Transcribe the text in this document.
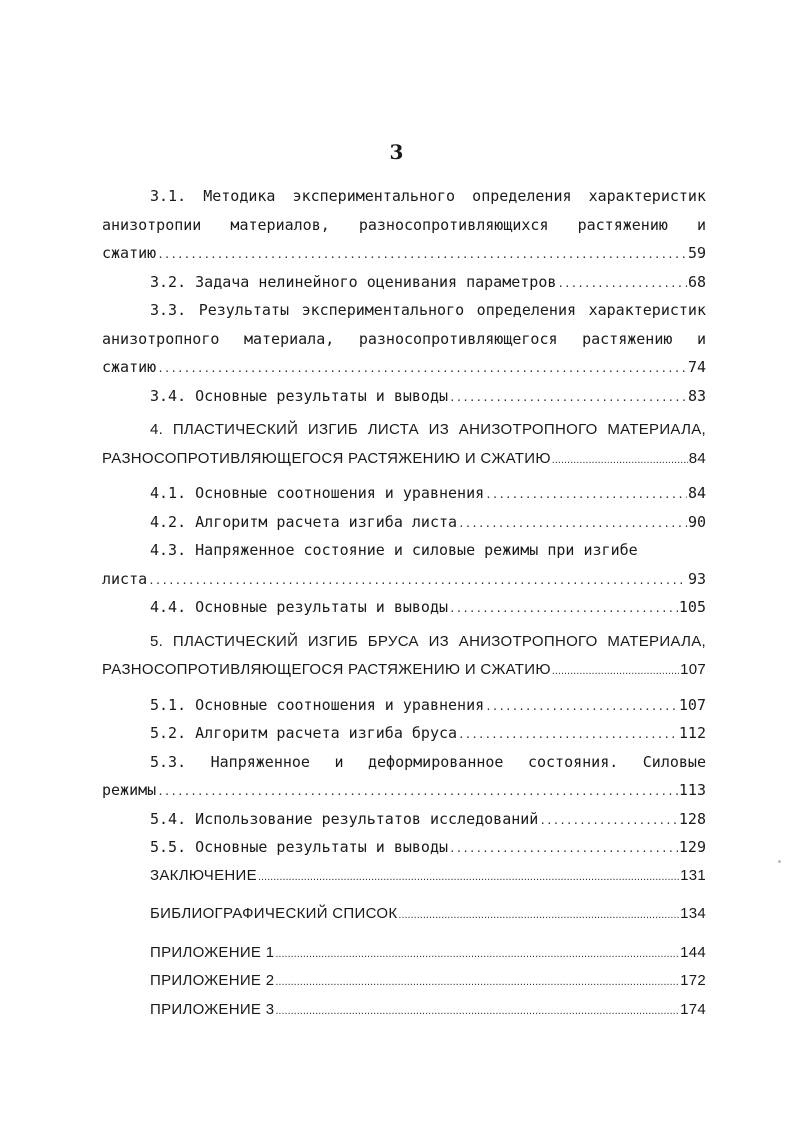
3
3.1. Методика экспериментального определения характеристик
анизотропии материалов, разносопротивляющихся растяжению и
сжатию .....	59
3.2. Задача нелинейного оценивания параметров .....	68
3.3. Результаты экспериментального определения характеристик
анизотропного материала, разносопротивляющегося растяжению и
сжатию .....	74
3.4. Основные результаты и выводы .....	83
4. ПЛАСТИЧЕСКИЙ ИЗГИБ ЛИСТА ИЗ АНИЗОТРОПНОГО МАТЕРИАЛА,
РАЗНОСОПРОТИВЛЯЮЩЕГОСЯ РАСТЯЖЕНИЮ И СЖАТИЮ .....	84
4.1. Основные соотношения и уравнения .....	84
4.2. Алгоритм расчета изгиба листа .....	90
4.3. Напряженное состояние и силовые режимы при изгибе
листа .....	93
4.4. Основные результаты и выводы .....	105
5. ПЛАСТИЧЕСКИЙ ИЗГИБ БРУСА ИЗ АНИЗОТРОПНОГО МАТЕРИАЛА,
РАЗНОСОПРОТИВЛЯЮЩЕГОСЯ РАСТЯЖЕНИЮ И СЖАТИЮ .....	107
5.1. Основные соотношения и уравнения .....	107
5.2. Алгоритм расчета изгиба бруса .....	112
5.3. Напряженное и деформированное состояния. Силовые
режимы .....	113
5.4. Использование результатов исследований .....	128
5.5. Основные результаты и выводы .....	129
ЗАКЛЮЧЕНИЕ .....	131
БИБЛИОГРАФИЧЕСКИЙ СПИСОК .....	134
ПРИЛОЖЕНИЕ 1 .....	144
ПРИЛОЖЕНИЕ 2 .....	172
ПРИЛОЖЕНИЕ 3 .....	174
